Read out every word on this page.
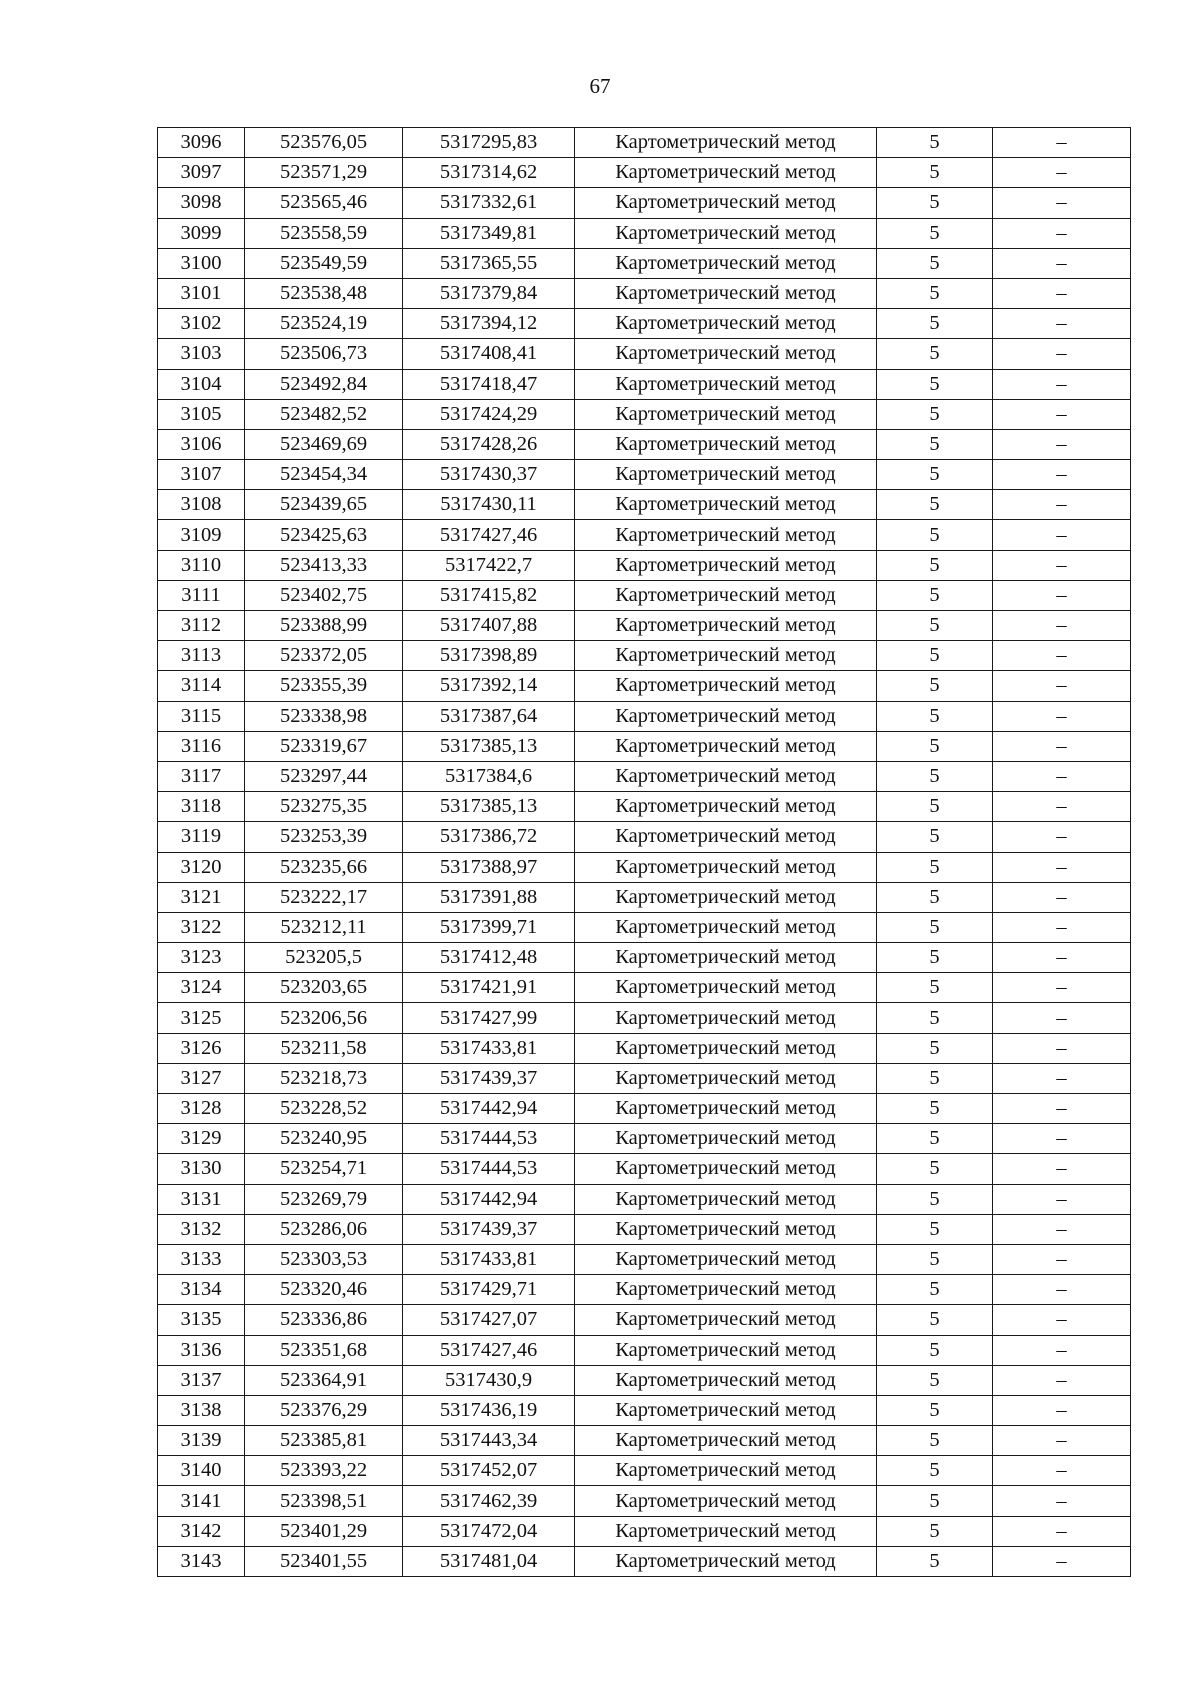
67
3096	523576,05	5317295,83	Картометрический метод	5	–
3097	523571,29	5317314,62	Картометрический метод	5	–
3098	523565,46	5317332,61	Картометрический метод	5	–
3099	523558,59	5317349,81	Картометрический метод	5	–
3100	523549,59	5317365,55	Картометрический метод	5	–
3101	523538,48	5317379,84	Картометрический метод	5	–
3102	523524,19	5317394,12	Картометрический метод	5	–
3103	523506,73	5317408,41	Картометрический метод	5	–
3104	523492,84	5317418,47	Картометрический метод	5	–
3105	523482,52	5317424,29	Картометрический метод	5	–
3106	523469,69	5317428,26	Картометрический метод	5	–
3107	523454,34	5317430,37	Картометрический метод	5	–
3108	523439,65	5317430,11	Картометрический метод	5	–
3109	523425,63	5317427,46	Картометрический метод	5	–
3110	523413,33	5317422,7	Картометрический метод	5	–
3111	523402,75	5317415,82	Картометрический метод	5	–
3112	523388,99	5317407,88	Картометрический метод	5	–
3113	523372,05	5317398,89	Картометрический метод	5	–
3114	523355,39	5317392,14	Картометрический метод	5	–
3115	523338,98	5317387,64	Картометрический метод	5	–
3116	523319,67	5317385,13	Картометрический метод	5	–
3117	523297,44	5317384,6	Картометрический метод	5	–
3118	523275,35	5317385,13	Картометрический метод	5	–
3119	523253,39	5317386,72	Картометрический метод	5	–
3120	523235,66	5317388,97	Картометрический метод	5	–
3121	523222,17	5317391,88	Картометрический метод	5	–
3122	523212,11	5317399,71	Картометрический метод	5	–
3123	523205,5	5317412,48	Картометрический метод	5	–
3124	523203,65	5317421,91	Картометрический метод	5	–
3125	523206,56	5317427,99	Картометрический метод	5	–
3126	523211,58	5317433,81	Картометрический метод	5	–
3127	523218,73	5317439,37	Картометрический метод	5	–
3128	523228,52	5317442,94	Картометрический метод	5	–
3129	523240,95	5317444,53	Картометрический метод	5	–
3130	523254,71	5317444,53	Картометрический метод	5	–
3131	523269,79	5317442,94	Картометрический метод	5	–
3132	523286,06	5317439,37	Картометрический метод	5	–
3133	523303,53	5317433,81	Картометрический метод	5	–
3134	523320,46	5317429,71	Картометрический метод	5	–
3135	523336,86	5317427,07	Картометрический метод	5	–
3136	523351,68	5317427,46	Картометрический метод	5	–
3137	523364,91	5317430,9	Картометрический метод	5	–
3138	523376,29	5317436,19	Картометрический метод	5	–
3139	523385,81	5317443,34	Картометрический метод	5	–
3140	523393,22	5317452,07	Картометрический метод	5	–
3141	523398,51	5317462,39	Картометрический метод	5	–
3142	523401,29	5317472,04	Картометрический метод	5	–
3143	523401,55	5317481,04	Картометрический метод	5	–
